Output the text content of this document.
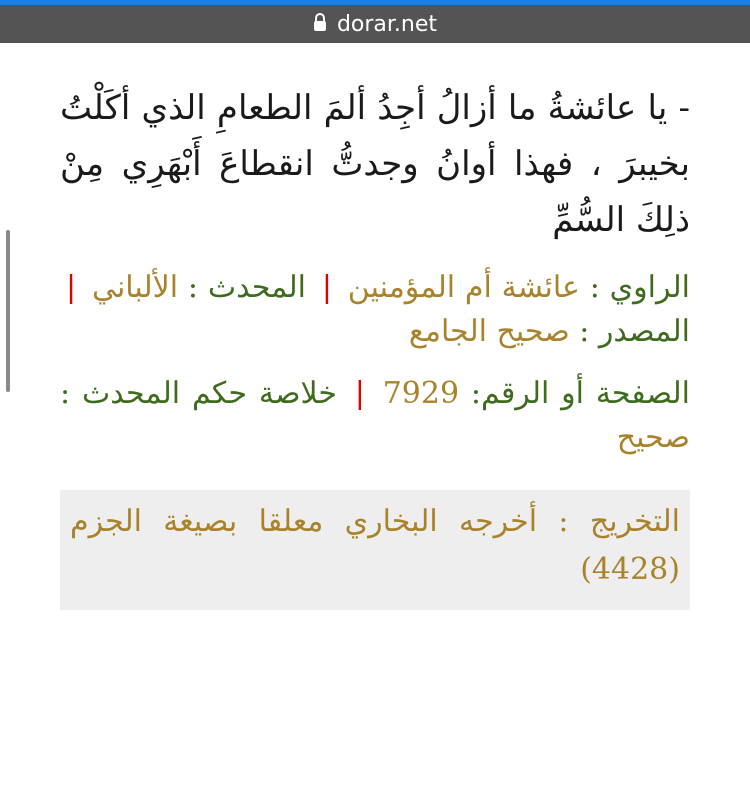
dorar.net

- يا عائشةُ ما أزالُ أجِدُ ألمَ الطعامِ الذي أكَلْتُ بخيبرَ ، فهذا أوانُ وجدتُّ انقطاعَ أَبْهَرِي مِنْ ذلِكَ السُّمِّ

الراوي : عائشة أم المؤمنين | المحدث : الألباني | المصدر : صحيح الجامع

الصفحة أو الرقم: 7929 | خلاصة حكم المحدث : صحيح

التخريج : أخرجه البخاري معلقا بصيغة الجزم (4428)
